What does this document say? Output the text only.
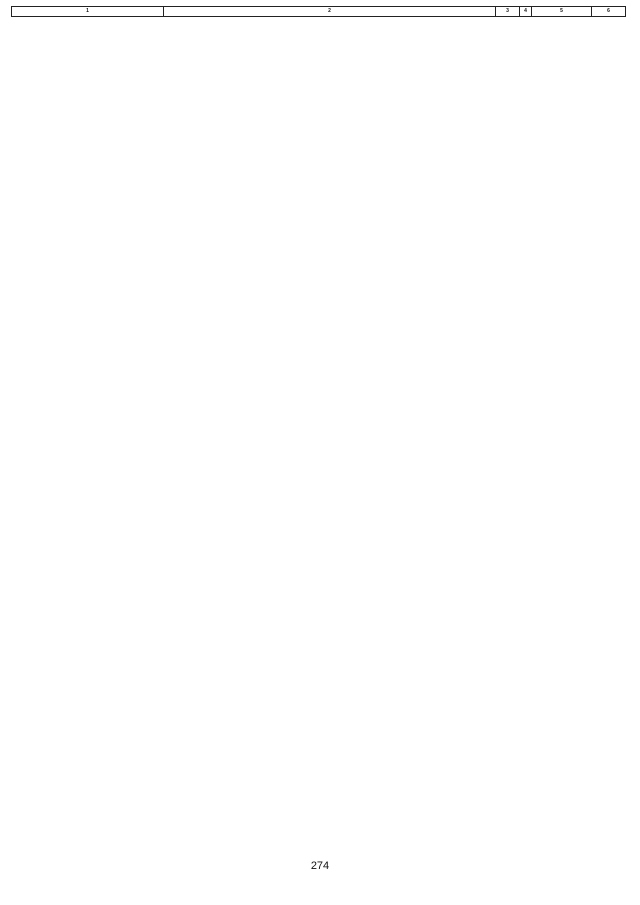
1	2	3	4	5	6	
274
